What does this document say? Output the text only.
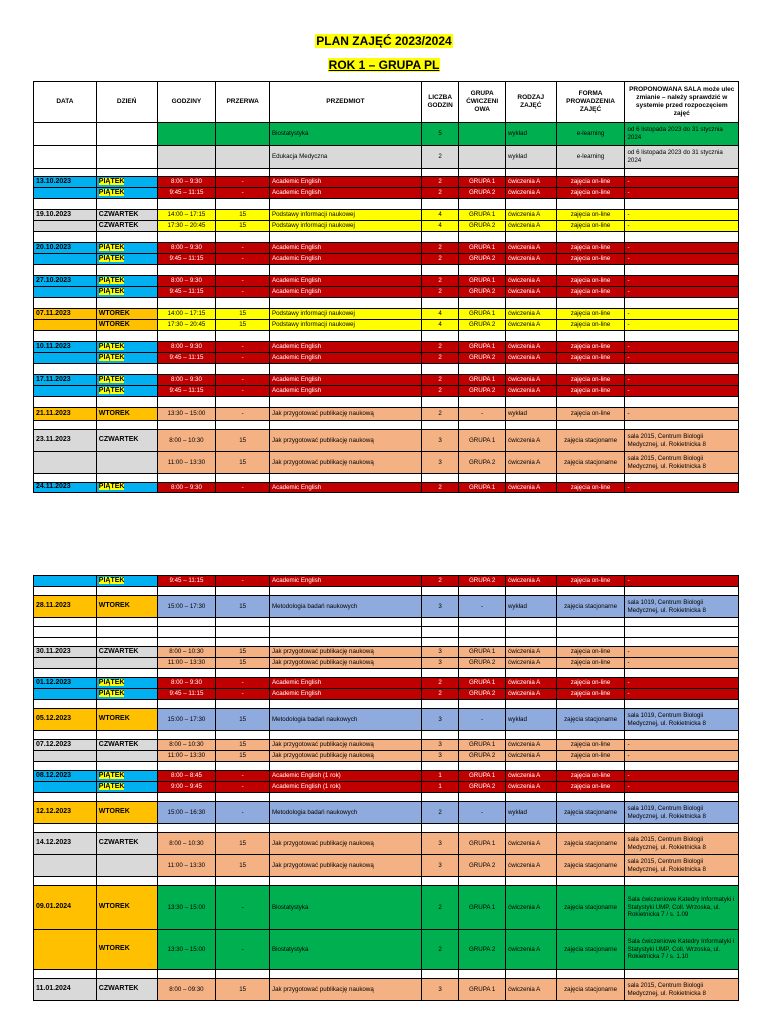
PLAN ZAJĘĆ 2023/2024
ROK 1 – GRUPA PL
DATA	DZIEŃ	GODZINY	PRZERWA	PRZEDMIOT	LICZBA GODZIN	GRUPA ĆWICZENI OWA	RODZAJ ZAJĘĆ	FORMA PROWADZENIA ZAJĘĆ	PROPONOWANA SALA może ulec zmianie – należy sprawdzić w systemie przed rozpoczęciem zajęć
				Biostatystyka	5		wykład	e-learning	od 6 listopada 2023 do 31 stycznia 2024
				Edukacja Medyczna	2		wykład	e-learning	od 6 listopada 2023 do 31 stycznia 2024

13.10.2023	PIĄTEK	8:00 – 9:30	-	Academic English	2	GRUPA 1	ćwiczenia A	zajęcia on-line	-
	PIĄTEK	9:45 – 11:15	-	Academic English	2	GRUPA 2	ćwiczenia A	zajęcia on-line	-

19.10.2023	CZWARTEK	14:00 – 17:15	15	Podstawy informacji naukowej	4	GRUPA 1	ćwiczenia A	zajęcia on-line	-
	CZWARTEK	17:30 – 20:45	15	Podstawy informacji naukowej	4	GRUPA 2	ćwiczenia A	zajęcia on-line	-

20.10.2023	PIĄTEK	8:00 – 9:30	-	Academic English	2	GRUPA 1	ćwiczenia A	zajęcia on-line	-
	PIĄTEK	9:45 – 11:15	-	Academic English	2	GRUPA 2	ćwiczenia A	zajęcia on-line	-

27.10.2023	PIĄTEK	8:00 – 9:30	-	Academic English	2	GRUPA 1	ćwiczenia A	zajęcia on-line	-
	PIĄTEK	9:45 – 11:15	-	Academic English	2	GRUPA 2	ćwiczenia A	zajęcia on-line	-

07.11.2023	WTOREK	14:00 – 17:15	15	Podstawy informacji naukowej	4	GRUPA 1	ćwiczenia A	zajęcia on-line	-
	WTOREK	17:30 – 20:45	15	Podstawy informacji naukowej	4	GRUPA 2	ćwiczenia A	zajęcia on-line	-

10.11.2023	PIĄTEK	8:00 – 9:30	-	Academic English	2	GRUPA 1	ćwiczenia A	zajęcia on-line	-
	PIĄTEK	9:45 – 11:15	-	Academic English	2	GRUPA 2	ćwiczenia A	zajęcia on-line	-

17.11.2023	PIĄTEK	8:00 – 9:30	-	Academic English	2	GRUPA 1	ćwiczenia A	zajęcia on-line	-
	PIĄTEK	9:45 – 11:15	-	Academic English	2	GRUPA 2	ćwiczenia A	zajęcia on-line	-

21.11.2023	WTOREK	13:30 – 15:00	-	Jak przygotować publikację naukową	2	-	wykład	zajęcia on-line	-

23.11.2023	CZWARTEK	8:00 – 10:30	15	Jak przygotować publikację naukową	3	GRUPA 1	ćwiczenia A	zajęcia stacjonarne	sala 2015, Centrum Biologii Medycznej, ul. Rokietnicka 8
		11:00 – 13:30	15	Jak przygotować publikację naukową	3	GRUPA 2	ćwiczenia A	zajęcia stacjonarne	sala 2015, Centrum Biologii Medycznej, ul. Rokietnicka 8

24.11.2023	PIĄTEK	8:00 – 9:30	-	Academic English	2	GRUPA 1	ćwiczenia A	zajęcia on-line	-
	PIĄTEK	9:45 – 11:15	-	Academic English	2	GRUPA 2	ćwiczenia A	zajęcia on-line	-

28.11.2023	WTOREK	15:00 – 17:30	15	Metodologia badań naukowych	3	-	wykład	zajęcia stacjonarne	sala 1019, Centrum Biologii Medycznej, ul. Rokietnicka 8

30.11.2023	CZWARTEK	8:00 – 10:30	15	Jak przygotować publikację naukową	3	GRUPA 1	ćwiczenia A	zajęcia on-line	-
		11:00 – 13:30	15	Jak przygotować publikację naukową	3	GRUPA 2	ćwiczenia A	zajęcia on-line	-

01.12.2023	PIĄTEK	8:00 – 9:30	-	Academic English	2	GRUPA 1	ćwiczenia A	zajęcia on-line	-
	PIĄTEK	9:45 – 11:15	-	Academic English	2	GRUPA 2	ćwiczenia A	zajęcia on-line	-

05.12.2023	WTOREK	15:00 – 17:30	15	Metodologia badań naukowych	3	-	wykład	zajęcia stacjonarne	sala 1019, Centrum Biologii Medycznej, ul. Rokietnicka 8

07.12.2023	CZWARTEK	8:00 – 10:30	15	Jak przygotować publikację naukową	3	GRUPA 1	ćwiczenia A	zajęcia on-line	-
		11:00 – 13:30	15	Jak przygotować publikację naukową	3	GRUPA 2	ćwiczenia A	zajęcia on-line	-

08.12.2023	PIĄTEK	8:00 – 8:45	-	Academic English (1 rok)	1	GRUPA 1	ćwiczenia A	zajęcia on-line	-
	PIĄTEK	9:00 – 9:45	-	Academic English (1 rok)	1	GRUPA 2	ćwiczenia A	zajęcia on-line	-

12.12.2023	WTOREK	15:00 – 16:30	-	Metodologia badań naukowych	2	-	wykład	zajęcia stacjonarne	sala 1019, Centrum Biologii Medycznej, ul. Rokietnicka 8

14.12.2023	CZWARTEK	8:00 – 10:30	15	Jak przygotować publikację naukową	3	GRUPA 1	ćwiczenia A	zajęcia stacjonarne	sala 2015, Centrum Biologii Medycznej, ul. Rokietnicka 8
		11:00 – 13:30	15	Jak przygotować publikację naukową	3	GRUPA 2	ćwiczenia A	zajęcia stacjonarne	sala 2015, Centrum Biologii Medycznej, ul. Rokietnicka 8

09.01.2024	WTOREK	13:30 – 15:00	-	Biostatystyka	2	GRUPA 1	ćwiczenia A	zajęcia stacjonarne	Sala ćwiczeniowe Katedry Informatyki i Statystyki UMP, Coll. Wrzoska, ul. Rokietnicka 7 / s. 1.09
	WTOREK	13:30 – 15:00	-	Biostatystyka	2	GRUPA 2	ćwiczenia A	zajęcia stacjonarne	Sala ćwiczeniowe Katedry Informatyki i Statystyki UMP, Coll. Wrzoska, ul. Rokietnicka 7 / s. 1.10

11.01.2024	CZWARTEK	8:00 – 09:30	15	Jak przygotować publikację naukową	3	GRUPA 1	ćwiczenia A	zajęcia stacjonarne	sala 2015, Centrum Biologii Medycznej, ul. Rokietnicka 8
